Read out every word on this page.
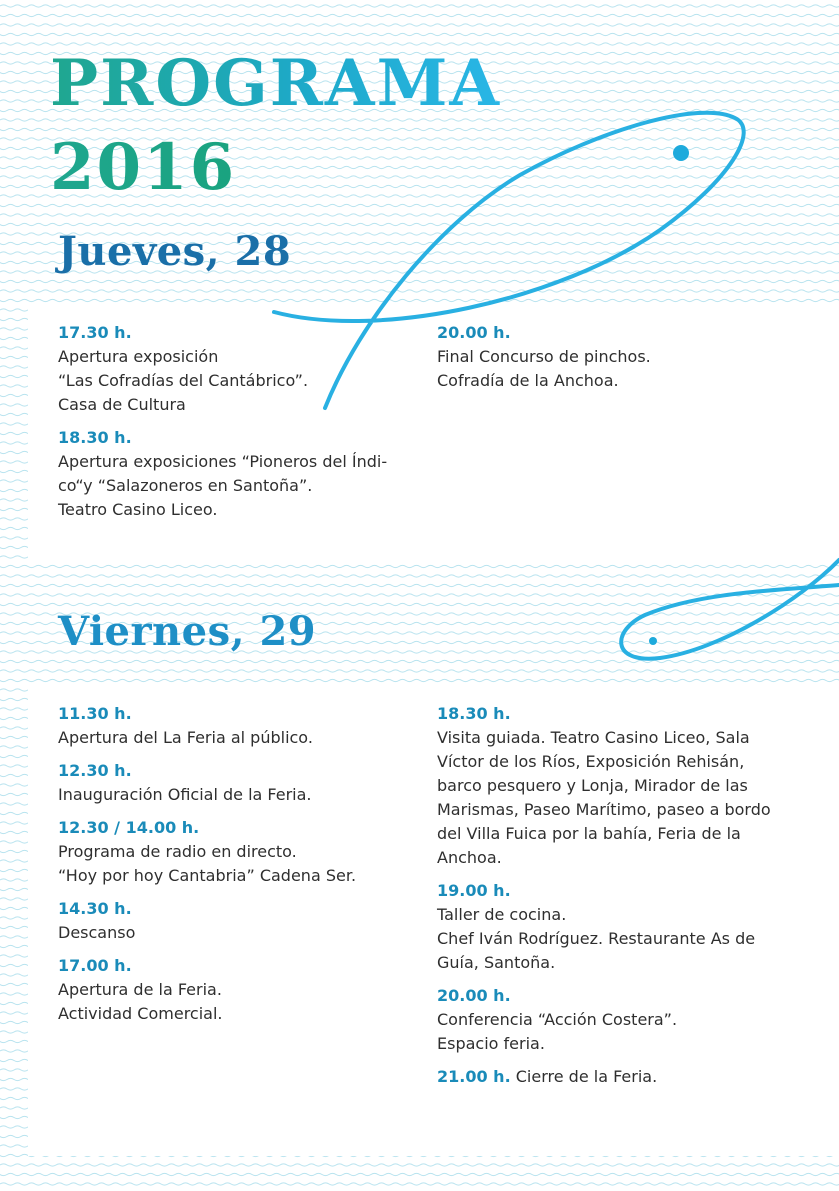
PROGRAMA
2016
Jueves, 28
17.30 h.
Apertura exposición
“Las Cofradías del Cantábrico”.
Casa de Cultura
18.30 h.
Apertura exposiciones “Pioneros del Índi-
co“y “Salazoneros en Santoña”.
Teatro Casino Liceo.
20.00 h.
Final Concurso de pinchos.
Cofradía de la Anchoa.
Viernes, 29
11.30 h.
Apertura del La Feria al público.
12.30 h.
Inauguración Oficial de la Feria.
12.30 / 14.00 h.
Programa de radio en directo.
“Hoy por hoy Cantabria” Cadena Ser.
14.30 h.
Descanso
17.00 h.
Apertura de la Feria.
Actividad Comercial.
18.30 h.
Visita guiada. Teatro Casino Liceo, Sala
Víctor de los Ríos, Exposición Rehisán,
barco pesquero y Lonja, Mirador de las
Marismas, Paseo Marítimo, paseo a bordo
del Villa Fuica por la bahía, Feria de la
Anchoa.
19.00 h.
Taller de cocina.
Chef Iván Rodríguez. Restaurante As de
Guía, Santoña.
20.00 h.
Conferencia “Acción Costera”.
Espacio feria.
21.00 h. Cierre de la Feria.
